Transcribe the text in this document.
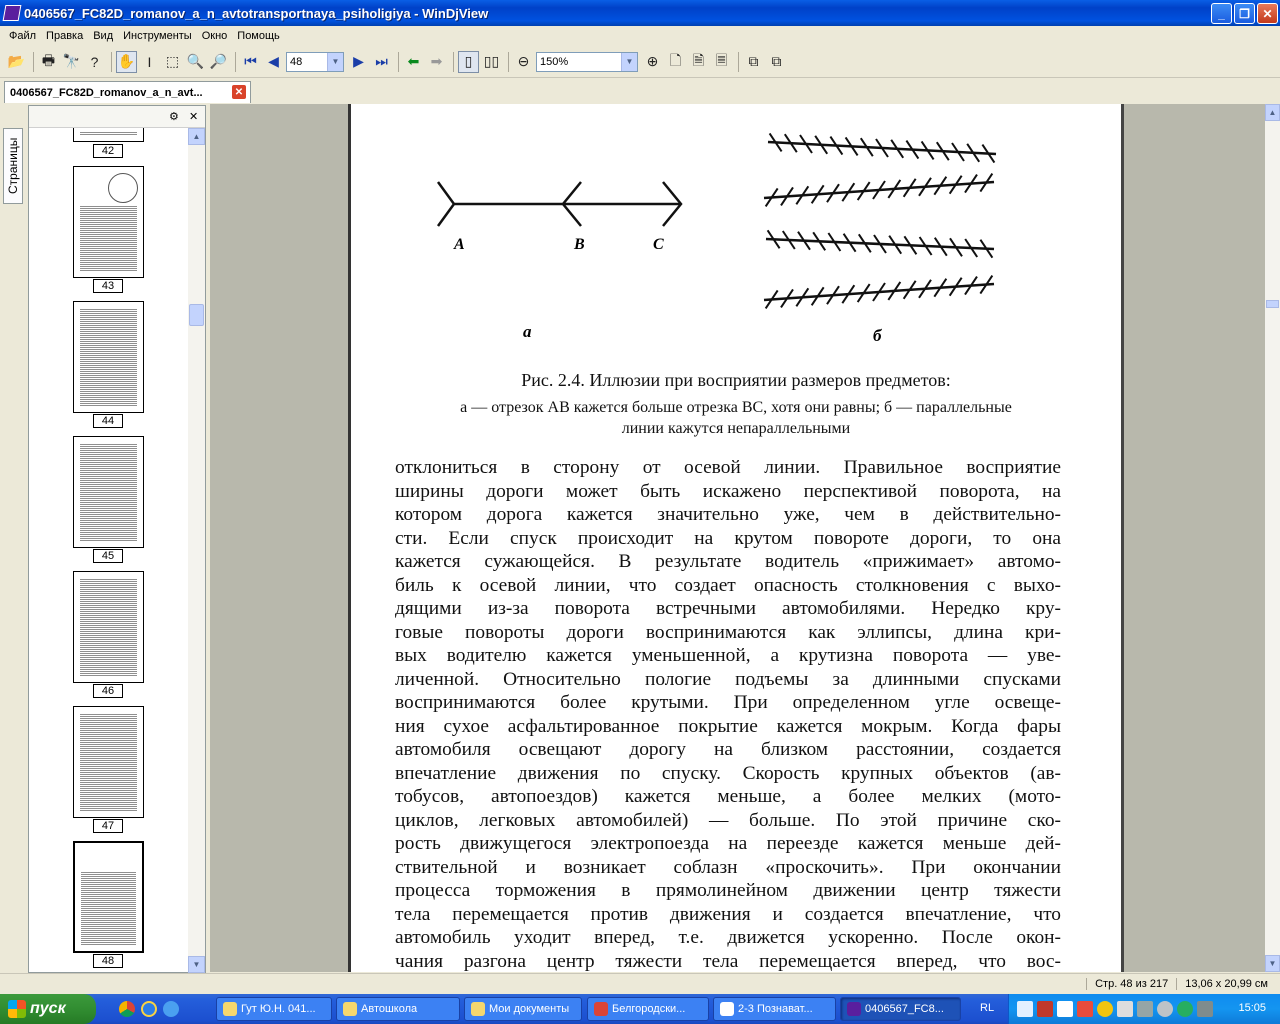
0406567_FC82D_romanov_a_n_avtotransportnaya_psiholigiya - WinDjView	_	❐	✕
Файл Правка Вид Инструменты Окно Помощь
📂 🖶 🔭 ?	✋ I	⬚ 🔍 🔎 ⏮ ◀	48	▼ ▶ ⏭	⬅ ➡	▯ ▯▯	⊖ 150%	▼ ⊕ 🗋 🗎 🗏	⧉ ⧉
0406567_FC82D_romanov_a_n_avt...	✕
Страницы
⚙ ✕
42
43
44
45
46
47
48
▲
▼
A	B	C
а	б
Рис. 2.4. Иллюзии при восприятии размеров предметов:
а — отрезок АВ кажется больше отрезка ВС, хотя они равны; б — параллельные
линии кажутся непараллельными
отклониться в сторону от осевой линии. Правильное восприятие
ширины дороги может быть искажено перспективой поворота, на
котором дорога кажется значительно уже, чем в действительно-
сти. Если спуск происходит на крутом повороте дороги, то она
кажется сужающейся. В результате водитель «прижимает» автомо-
биль к осевой линии, что создает опасность столкновения с выхо-
дящими из-за поворота встречными автомобилями. Нередко кру-
говые повороты дороги воспринимаются как эллипсы, длина кри-
вых водителю кажется уменьшенной, а крутизна поворота — уве-
личенной. Относительно пологие подъемы за длинными спусками
воспринимаются более крутыми. При определенном угле освеще-
ния сухое асфальтированное покрытие кажется мокрым. Когда фары
автомобиля освещают дорогу на близком расстоянии, создается
впечатление движения по спуску. Скорость крупных объектов (ав-
тобусов, автопоездов) кажется меньше, а более мелких (мото-
циклов, легковых автомобилей) — больше. По этой причине ско-
рость движущегося электропоезда на переезде кажется меньше дей-
ствительной и возникает соблазн «проскочить». При окончании
процесса торможения в прямолинейном движении центр тяжести
тела перемещается против движения и создается впечатление, что
автомобиль уходит вперед, т.е. движется ускоренно. После окон-
чания разгона центр тяжести тела перемещается вперед, что вос-
▲
▼
Стр. 48 из 217	13,06 x 20,99 см
пуск	Гут Ю.Н. 041...	Автошкола	Мои документы	Белгородски...	2-3 Познават...	0406567_FC8...	RL	15:05
